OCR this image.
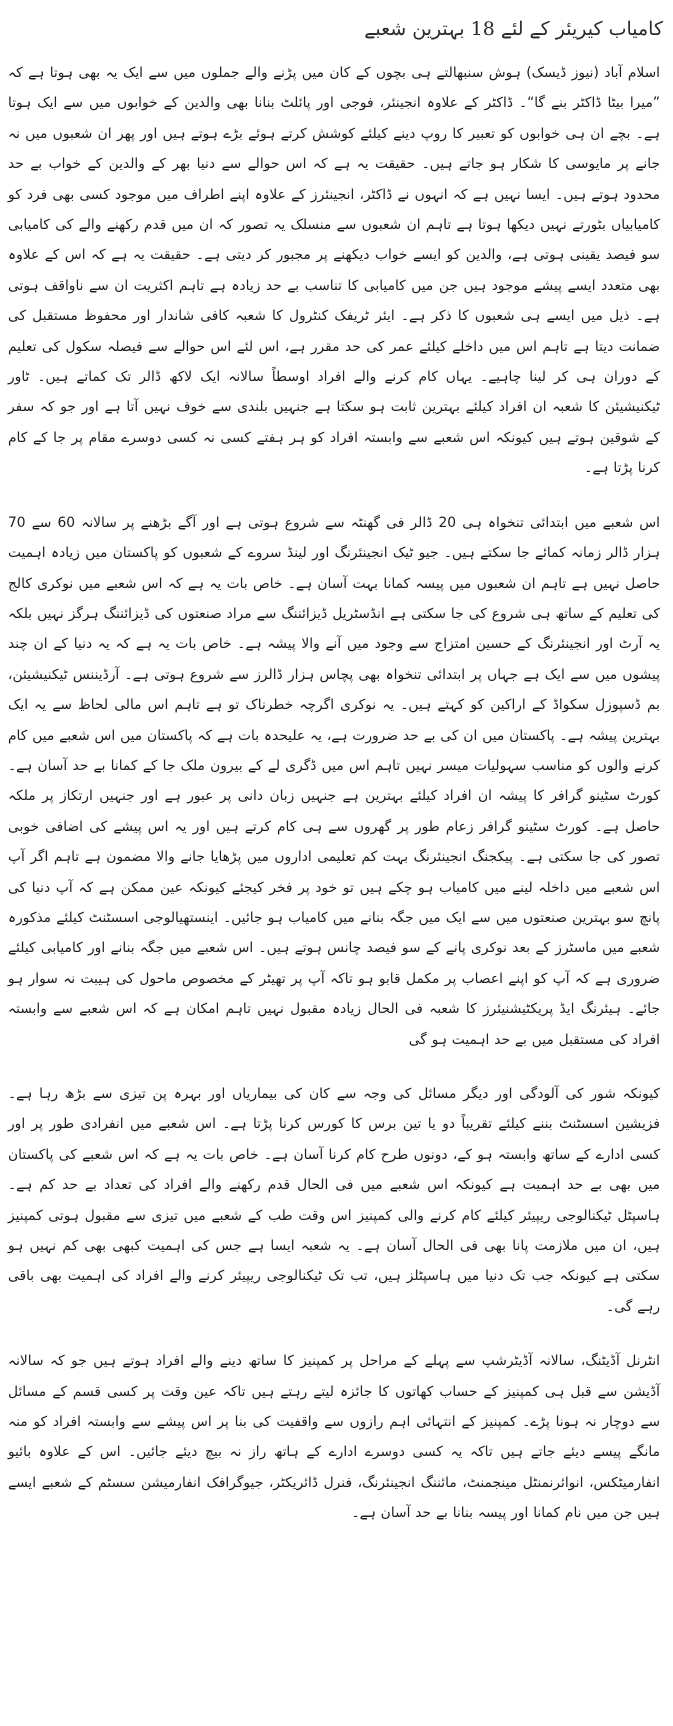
کامیاب کیریئر کے لئے 18 بہترین شعبے

اسلام آباد (نیوز ڈیسک) ہوش سنبھالتے ہی بچوں کے کان میں پڑنے والے جملوں میں سے ایک یہ بھی ہوتا ہے کہ ”میرا بیٹا ڈاکٹر بنے گا“۔ ڈاکٹر کے علاوہ انجینئر، فوجی اور پائلٹ بنانا بھی والدین کے خوابوں میں سے ایک ہوتا ہے۔ بچے ان ہی خوابوں کو تعبیر کا روپ دینے کیلئے کوشش کرتے ہوئے بڑے ہوتے ہیں اور پھر ان شعبوں میں نہ جانے پر مایوسی کا شکار ہو جاتے ہیں۔ حقیقت یہ ہے کہ اس حوالے سے دنیا بھر کے والدین کے خواب بے حد محدود ہوتے ہیں۔ ایسا نہیں ہے کہ انہوں نے ڈاکٹر، انجینئرز کے علاوہ اپنے اطراف میں موجود کسی بھی فرد کو کامیابیاں بٹورتے نہیں دیکھا ہوتا ہے تاہم ان شعبوں سے منسلک یہ تصور کہ ان میں قدم رکھنے والے کی کامیابی سو فیصد یقینی ہوتی ہے، والدین کو ایسے خواب دیکھنے پر مجبور کر دیتی ہے۔ حقیقت یہ ہے کہ اس کے علاوہ بھی متعدد ایسے پیشے موجود ہیں جن میں کامیابی کا تناسب بے حد زیادہ ہے تاہم اکثریت ان سے ناواقف ہوتی ہے۔ ذیل میں ایسے ہی شعبوں کا ذکر ہے۔ ایئر ٹریفک کنٹرول کا شعبہ کافی شاندار اور محفوظ مستقبل کی ضمانت دیتا ہے تاہم اس میں داخلے کیلئے عمر کی حد مقرر ہے، اس لئے اس حوالے سے فیصلہ سکول کی تعلیم کے دوران ہی کر لینا چاہیے۔ یہاں کام کرنے والے افراد اوسطاً سالانہ ایک لاکھ ڈالر تک کماتے ہیں۔ ٹاور ٹیکنیشیئن کا شعبہ ان افراد کیلئے بہترین ثابت ہو سکتا ہے جنہیں بلندی سے خوف نہیں آتا ہے اور جو کہ سفر کے شوقین ہوتے ہیں کیونکہ اس شعبے سے وابستہ افراد کو ہر ہفتے کسی نہ کسی دوسرے مقام پر جا کے کام کرنا پڑتا ہے۔

اس شعبے میں ابتدائی تنخواہ ہی 20 ڈالر فی گھنٹہ سے شروع ہوتی ہے اور آگے بڑھنے پر سالانہ 60 سے 70 ہزار ڈالر زمانہ کمائے جا سکتے ہیں۔ جیو ٹیک انجینئرنگ اور لینڈ سروے کے شعبوں کو پاکستان میں زیادہ اہمیت حاصل نہیں ہے تاہم ان شعبوں میں پیسہ کمانا بہت آسان ہے۔ خاص بات یہ ہے کہ اس شعبے میں نوکری کالج کی تعلیم کے ساتھ ہی شروع کی جا سکتی ہے انڈسٹریل ڈیزائننگ سے مراد صنعتوں کی ڈیزائننگ ہرگز نہیں بلکہ یہ آرٹ اور انجینئرنگ کے حسین امتزاج سے وجود میں آنے والا پیشہ ہے۔ خاص بات یہ ہے کہ یہ دنیا کے ان چند پیشوں میں سے ایک ہے جہاں پر ابتدائی تنخواہ بھی پچاس ہزار ڈالرز سے شروع ہوتی ہے۔ آرڈیننس ٹیکنیشیئن، بم ڈسپوزل سکواڈ کے اراکین کو کہتے ہیں۔ یہ نوکری اگرچہ خطرناک تو ہے تاہم اس مالی لحاظ سے یہ ایک بہترین پیشہ ہے۔ پاکستان میں ان کی بے حد ضرورت ہے، یہ علیحدہ بات ہے کہ پاکستان میں اس شعبے میں کام کرنے والوں کو مناسب سہولیات میسر نہیں تاہم اس میں ڈگری لے کے بیرون ملک جا کے کمانا بے حد آسان ہے۔ کورٹ سٹینو گرافر کا پیشہ ان افراد کیلئے بہترین ہے جنہیں زبان دانی پر عبور ہے اور جنہیں ارتکاز پر ملکہ حاصل ہے۔ کورٹ سٹینو گرافر زعام طور پر گھروں سے ہی کام کرتے ہیں اور یہ اس پیشے کی اضافی خوبی تصور کی جا سکتی ہے۔ پیکجنگ انجینئرنگ بہت کم تعلیمی اداروں میں پڑھایا جانے والا مضمون ہے تاہم اگر آپ اس شعبے میں داخلہ لینے میں کامیاب ہو چکے ہیں تو خود پر فخر کیجئے کیونکہ عین ممکن ہے کہ آپ دنیا کی پانچ سو بہترین صنعتوں میں سے ایک میں جگہ بنانے میں کامیاب ہو جائیں۔ اینستھیالوجی اسسٹنٹ کیلئے مذکورہ شعبے میں ماسٹرز کے بعد نوکری پانے کے سو فیصد چانس ہوتے ہیں۔ اس شعبے میں جگہ بنانے اور کامیابی کیلئے ضروری ہے کہ آپ کو اپنے اعصاب پر مکمل قابو ہو تاکہ آپ پر تھیٹر کے مخصوص ماحول کی ہیبت نہ سوار ہو جائے۔ ہیئرنگ ایڈ پریکٹیشنیئرز کا شعبہ فی الحال زیادہ مقبول نہیں تاہم امکان ہے کہ اس شعبے سے وابستہ افراد کی مستقبل میں بے حد اہمیت ہو گی

کیونکہ شور کی آلودگی اور دیگر مسائل کی وجہ سے کان کی بیماریاں اور بہرہ پن تیزی سے بڑھ رہا ہے۔ فزیشین اسسٹنٹ بننے کیلئے تقریباً دو یا تین برس کا کورس کرنا پڑتا ہے۔ اس شعبے میں انفرادی طور پر اور کسی ادارے کے ساتھ وابستہ ہو کے، دونوں طرح کام کرنا آسان ہے۔ خاص بات یہ ہے کہ اس شعبے کی پاکستان میں بھی بے حد اہمیت ہے کیونکہ اس شعبے میں فی الحال قدم رکھنے والے افراد کی تعداد بے حد کم ہے۔ ہاسپٹل ٹیکنالوجی ریپیئر کیلئے کام کرنے والی کمپنیز اس وقت طب کے شعبے میں تیزی سے مقبول ہوتی کمپنیز ہیں، ان میں ملازمت پانا بھی فی الحال آسان ہے۔ یہ شعبہ ایسا ہے جس کی اہمیت کبھی بھی کم نہیں ہو سکتی ہے کیونکہ جب تک دنیا میں ہاسپٹلز ہیں، تب تک ٹیکنالوجی ریپیئر کرنے والے افراد کی اہمیت بھی باقی رہے گی۔

انٹرنل آڈیٹنگ، سالانہ آڈیٹرشپ سے پہلے کے مراحل پر کمپنیز کا ساتھ دینے والے افراد ہوتے ہیں جو کہ سالانہ آڈیشن سے قبل ہی کمپنیز کے حساب کھاتوں کا جائزہ لیتے رہتے ہیں تاکہ عین وقت پر کسی قسم کے مسائل سے دوچار نہ ہونا پڑے۔ کمپنیز کے انتہائی اہم رازوں سے واقفیت کی بنا پر اس پیشے سے وابستہ افراد کو منہ مانگے پیسے دیئے جاتے ہیں تاکہ یہ کسی دوسرے ادارے کے ہاتھ راز نہ بیچ دیئے جائیں۔ اس کے علاوہ بائیو انفارمیٹکس، انوائرنمنٹل مینجمنٹ، مائننگ انجینئرنگ، فنرل ڈائریکٹر، جیوگرافک انفارمیشن سسٹم کے شعبے ایسے ہیں جن میں نام کمانا اور پیسہ بنانا بے حد آسان ہے۔
